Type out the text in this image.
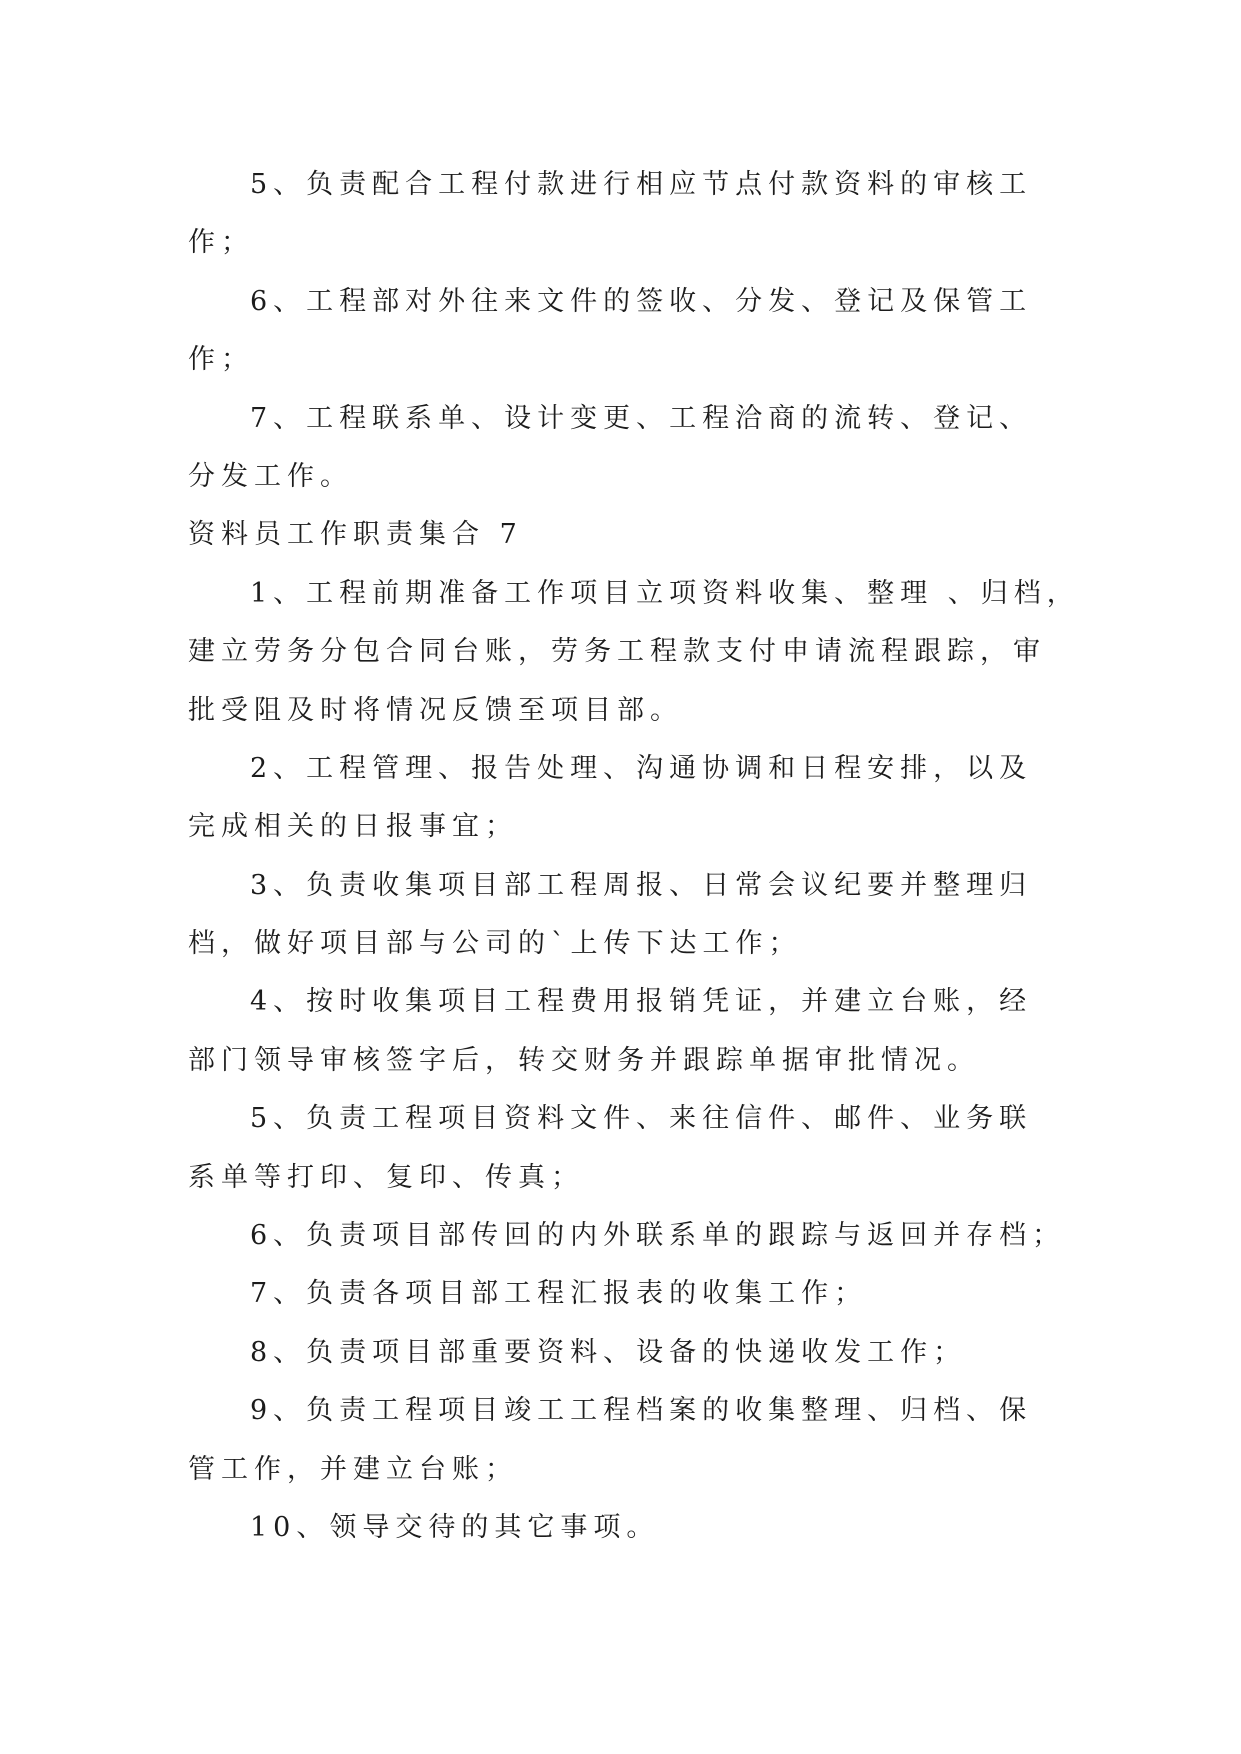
5、负责配合工程付款进行相应节点付款资料的审核工
作；
6、工程部对外往来文件的签收、分发、登记及保管工
作；
7、工程联系单、设计变更、工程洽商的流转、登记、
分发工作。
资料员工作职责集合 7
1、工程前期准备工作项目立项资料收集、整理 、归档，
建立劳务分包合同台账，劳务工程款支付申请流程跟踪，审
批受阻及时将情况反馈至项目部。
2、工程管理、报告处理、沟通协调和日程安排，以及
完成相关的日报事宜；
3、负责收集项目部工程周报、日常会议纪要并整理归
档，做好项目部与公司的`上传下达工作；
4、按时收集项目工程费用报销凭证，并建立台账，经
部门领导审核签字后，转交财务并跟踪单据审批情况。
5、负责工程项目资料文件、来往信件、邮件、业务联
系单等打印、复印、传真；
6、负责项目部传回的内外联系单的跟踪与返回并存档；
7、负责各项目部工程汇报表的收集工作；
8、负责项目部重要资料、设备的快递收发工作；
9、负责工程项目竣工工程档案的收集整理、归档、保
管工作，并建立台账；
10、领导交待的其它事项。
